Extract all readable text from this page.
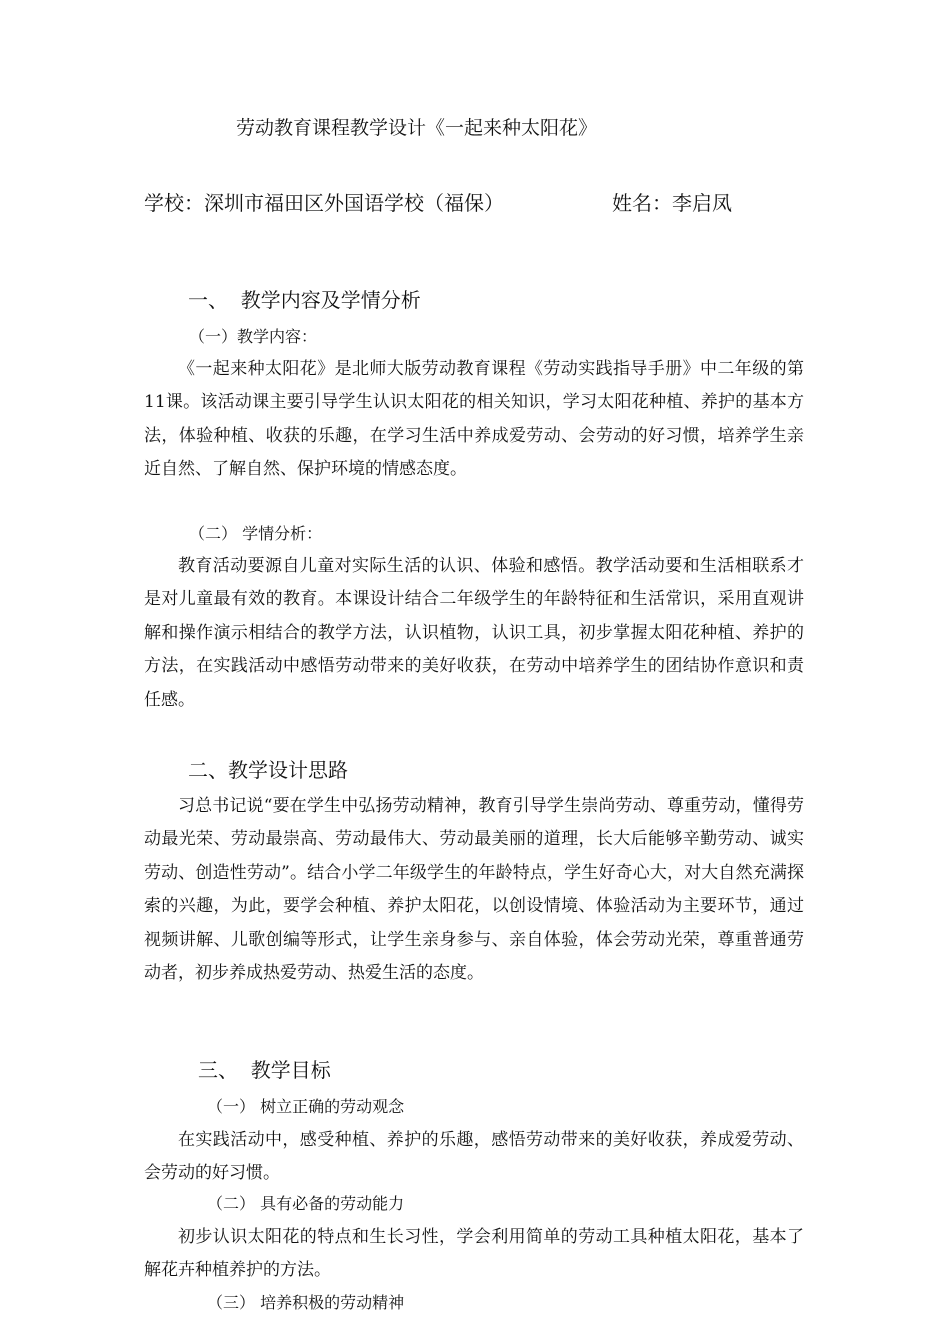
劳动教育课程教学设计《一起来种太阳花》
学校：深圳市福田区外国语学校（福保）	姓名：李启凤
一、  教学内容及学情分析
（一）教学内容：
《一起来种太阳花》是北师大版劳动教育课程《劳动实践指导手册》中二年级的第11课。该活动课主要引导学生认识太阳花的相关知识，学习太阳花种植、养护的基本方法，体验种植、收获的乐趣，在学习生活中养成爱劳动、会劳动的好习惯，培养学生亲近自然、了解自然、保护环境的情感态度。
（二） 学情分析：
教育活动要源自儿童对实际生活的认识、体验和感悟。教学活动要和生活相联系才是对儿童最有效的教育。本课设计结合二年级学生的年龄特征和生活常识，采用直观讲解和操作演示相结合的教学方法，认识植物，认识工具，初步掌握太阳花种植、养护的方法，在实践活动中感悟劳动带来的美好收获，在劳动中培养学生的团结协作意识和责任感。
二、教学设计思路
习总书记说“要在学生中弘扬劳动精神，教育引导学生崇尚劳动、尊重劳动，懂得劳动最光荣、劳动最崇高、劳动最伟大、劳动最美丽的道理，长大后能够辛勤劳动、诚实劳动、创造性劳动”。结合小学二年级学生的年龄特点，学生好奇心大，对大自然充满探索的兴趣，为此，要学会种植、养护太阳花，以创设情境、体验活动为主要环节，通过视频讲解、儿歌创编等形式，让学生亲身参与、亲自体验，体会劳动光荣，尊重普通劳动者，初步养成热爱劳动、热爱生活的态度。
三、  教学目标
（一） 树立正确的劳动观念
在实践活动中，感受种植、养护的乐趣，感悟劳动带来的美好收获，养成爱劳动、会劳动的好习惯。
（二） 具有必备的劳动能力
初步认识太阳花的特点和生长习性，学会利用简单的劳动工具种植太阳花，基本了解花卉种植养护的方法。
（三） 培养积极的劳动精神
